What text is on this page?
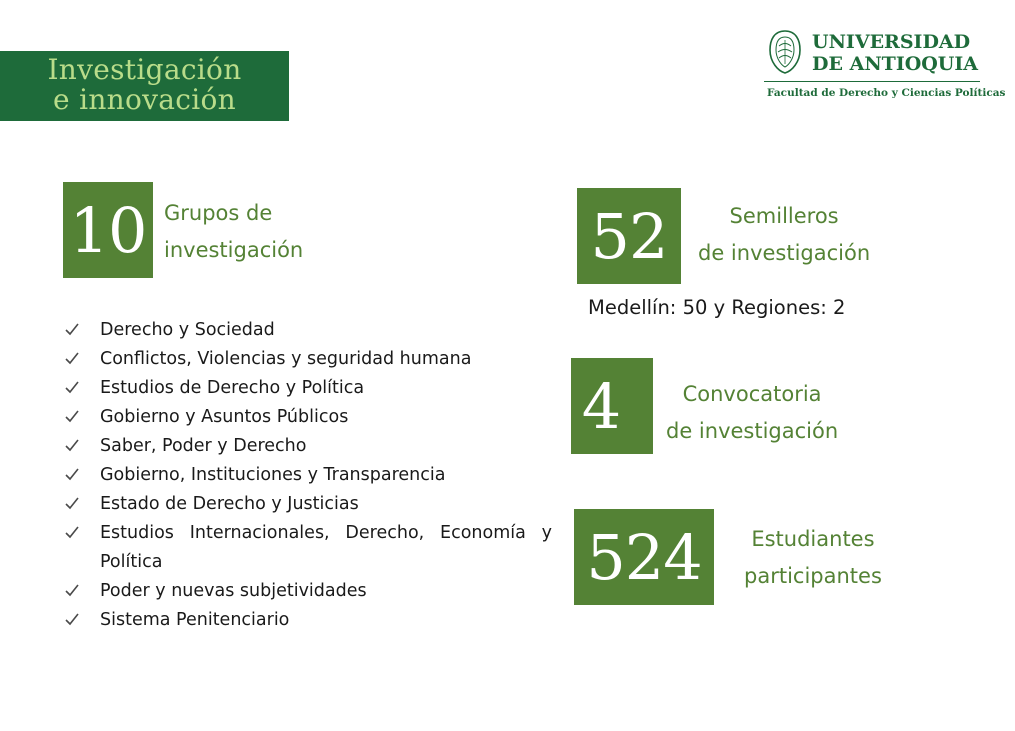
Investigación
e innovación
UNIVERSIDAD
DE ANTIOQUIA
Facultad de Derecho y Ciencias Políticas
10 Grupos de
investigación	52	Semilleros
de investigación
Medellín: 50 y Regiones: 2
4	Convocatoria
de investigación
524	Estudiantes
participantes
Derecho y Sociedad
Conflictos, Violencias y seguridad humana
Estudios de Derecho y Política
Gobierno y Asuntos Públicos
Saber, Poder y Derecho
Gobierno, Instituciones y Transparencia
Estado de Derecho y Justicias
Estudios Internacionales, Derecho, Economía y Política
Poder y nuevas subjetividades
Sistema Penitenciario
